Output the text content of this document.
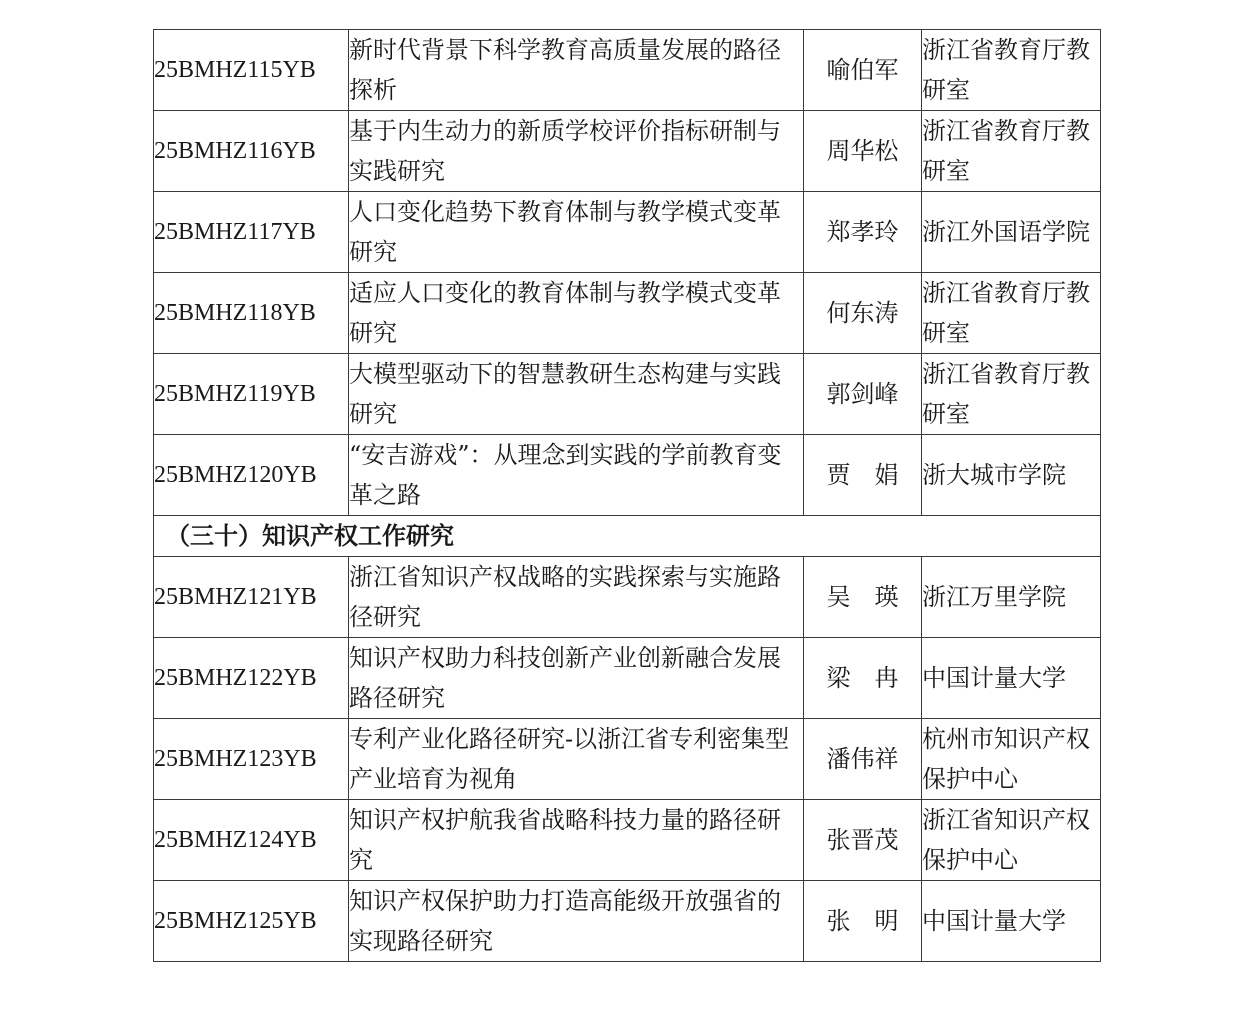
25BMHZ115YB	新时代背景下科学教育高质量发展的路径探析	喻伯军	浙江省教育厅教研室
25BMHZ116YB	基于内生动力的新质学校评价指标研制与实践研究	周华松	浙江省教育厅教研室
25BMHZ117YB	人口变化趋势下教育体制与教学模式变革研究	郑孝玲	浙江外国语学院
25BMHZ118YB	适应人口变化的教育体制与教学模式变革研究	何东涛	浙江省教育厅教研室
25BMHZ119YB	大模型驱动下的智慧教研生态构建与实践研究	郭剑峰	浙江省教育厅教研室
25BMHZ120YB	“安吉游戏”：从理念到实践的学前教育变革之路	贾　娟	浙大城市学院
（三十）知识产权工作研究			
25BMHZ121YB	浙江省知识产权战略的实践探索与实施路径研究	吴　瑛	浙江万里学院
25BMHZ122YB	知识产权助力科技创新产业创新融合发展路径研究	梁　冉	中国计量大学
25BMHZ123YB	专利产业化路径研究-以浙江省专利密集型产业培育为视角	潘伟祥	杭州市知识产权保护中心
25BMHZ124YB	知识产权护航我省战略科技力量的路径研究	张晋茂	浙江省知识产权保护中心
25BMHZ125YB	知识产权保护助力打造高能级开放强省的实现路径研究	张　明	中国计量大学
